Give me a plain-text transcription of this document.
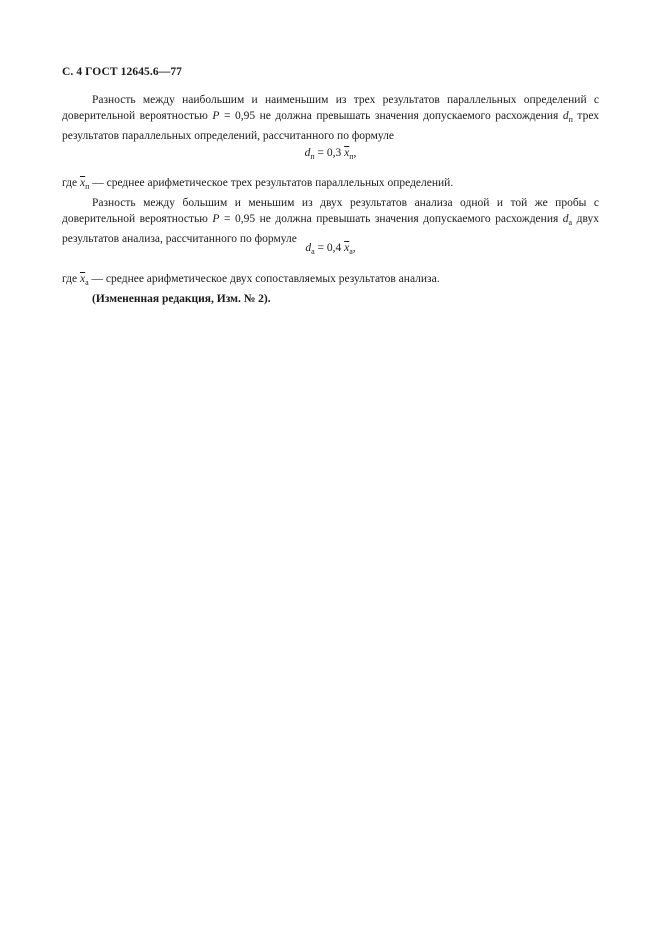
С. 4 ГОСТ 12645.6—77

Разность между наибольшим и наименьшим из трех результатов параллельных определений с доверительной вероятностью P = 0,95 не должна превышать значения допускаемого расхождения $d_п$ трех результатов параллельных определений, рассчитанного по формуле

$d_п = 0,3$ $\overline{x}_п$,
где $\overline{x}_п$ — среднее арифметическое трех результатов параллельных определений.

Разность между большим и меньшим из двух результатов анализа одной и той же пробы с доверительной вероятностью P = 0,95 не должна превышать значения допускаемого расхождения $d_а$ двух результатов анализа, рассчитанного по формуле

$d_а = 0,4$ $\overline{x}_а$,
где $\overline{x}_а$ — среднее арифметическое двух сопоставляемых результатов анализа.
(Измененная редакция, Изм. № 2).
